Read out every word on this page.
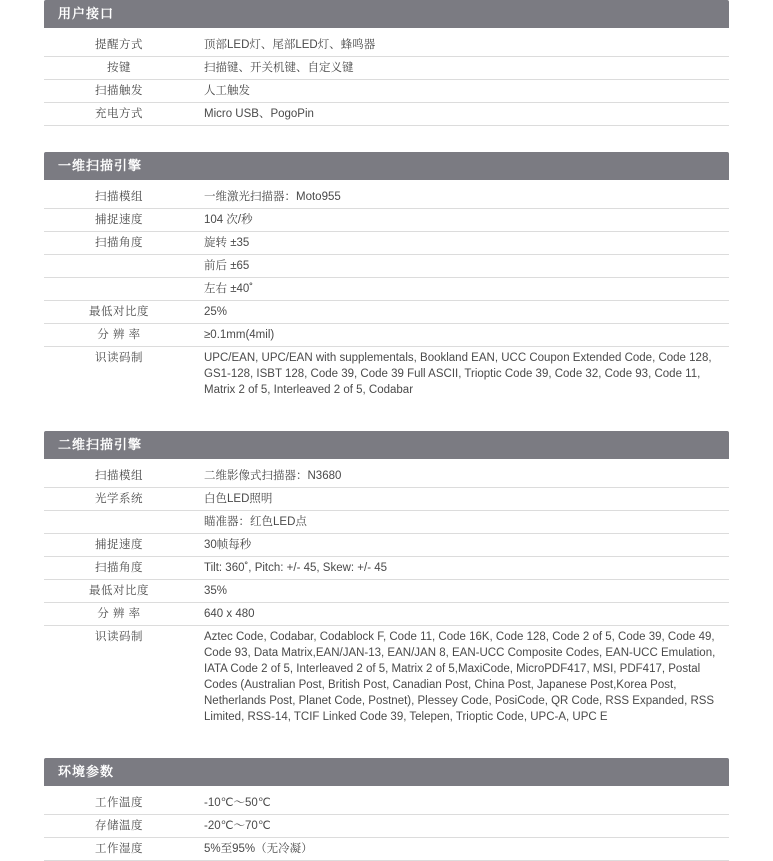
用户接口
提醒方式	顶部LED灯、尾部LED灯、蜂鸣器
按键	扫描键、开关机键、自定义键
扫描触发	人工触发
充电方式	Micro USB、PogoPin
一维扫描引擎
扫描模组	一维激光扫描器：Moto955
捕捉速度	104 次/秒
扫描角度	旋转 ±35
	前后 ±65
	左右 ±40˚
最低对比度	25%
分 辨 率	≥0.1mm(4mil)
识读码制	UPC/EAN, UPC/EAN with supplementals, Bookland EAN, UCC Coupon Extended Code, Code 128, GS1-128, ISBT 128, Code 39, Code 39 Full ASCII, Trioptic Code 39, Code 32, Code 93, Code 11, Matrix 2 of 5, Interleaved 2 of 5, Codabar
二维扫描引擎
扫描模组	二维影像式扫描器：N3680
光学系统	白色LED照明
	瞄准器：红色LED点
捕捉速度	30帧每秒
扫描角度	Tilt: 360˚, Pitch: +/- 45, Skew: +/- 45
最低对比度	35%
分 辨 率	640 x 480
识读码制	Aztec Code, Codabar, Codablock F, Code 11, Code 16K, Code 128, Code 2 of 5, Code 39, Code 49, Code 93, Data Matrix,EAN/JAN-13, EAN/JAN 8, EAN-UCC Composite Codes, EAN-UCC Emulation, IATA Code 2 of 5, Interleaved 2 of 5, Matrix 2 of 5,MaxiCode, MicroPDF417, MSI, PDF417, Postal Codes (Australian Post, British Post, Canadian Post, China Post, Japanese Post,Korea Post, Netherlands Post, Planet Code, Postnet), Plessey Code, PosiCode, QR Code, RSS Expanded, RSS Limited, RSS-14, TCIF Linked Code 39, Telepen, Trioptic Code, UPC-A, UPC E
环境参数
工作温度	-10℃～50℃
存储温度	-20℃～70℃
工作湿度	5%至95%（无冷凝）
